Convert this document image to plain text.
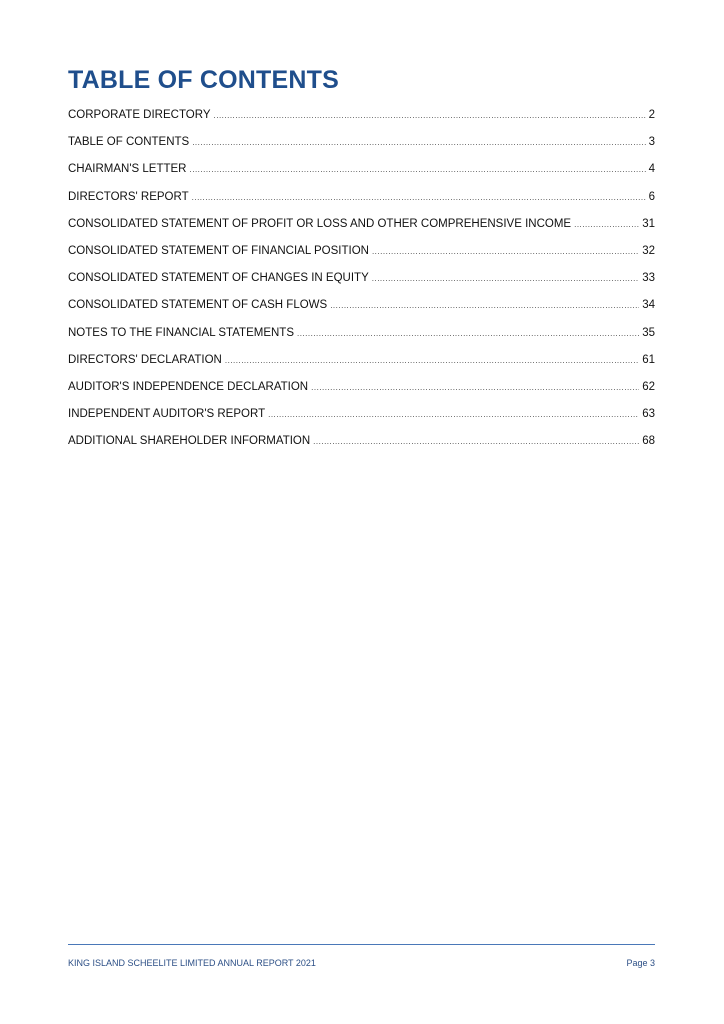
TABLE OF CONTENTS
CORPORATE DIRECTORY .....	2
TABLE OF CONTENTS .....	3
CHAIRMAN'S LETTER .....	4
DIRECTORS' REPORT .....	6
CONSOLIDATED STATEMENT OF PROFIT OR LOSS AND OTHER COMPREHENSIVE INCOME .....	31
CONSOLIDATED STATEMENT OF FINANCIAL POSITION .....	32
CONSOLIDATED STATEMENT OF CHANGES IN EQUITY .....	33
CONSOLIDATED STATEMENT OF CASH FLOWS .....	34
NOTES TO THE FINANCIAL STATEMENTS .....	35
DIRECTORS' DECLARATION .....	61
AUDITOR'S INDEPENDENCE DECLARATION .....	62
INDEPENDENT AUDITOR'S REPORT .....	63
ADDITIONAL SHAREHOLDER INFORMATION .....	68
KING ISLAND SCHEELITE LIMITED ANNUAL REPORT 2021	Page 3
